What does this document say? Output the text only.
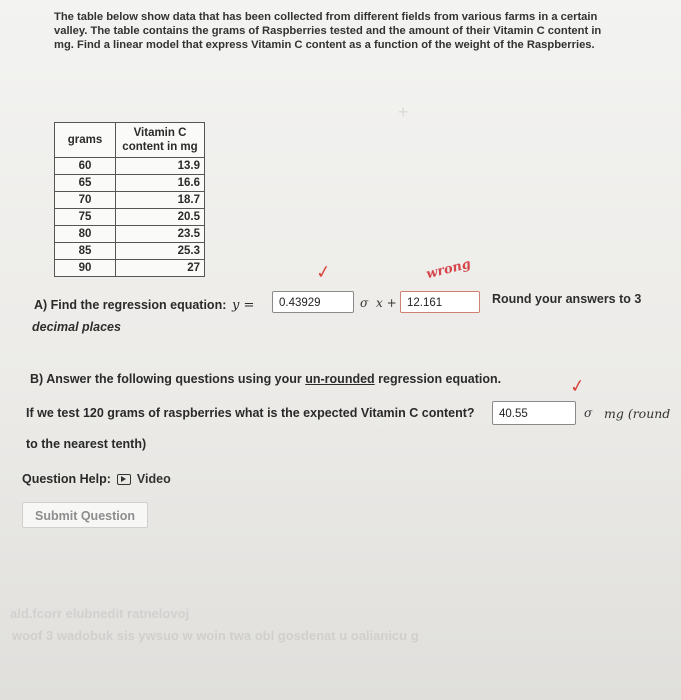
The table below show data that has been collected from different fields from various farms in a certain
valley. The table contains the grams of Raspberries tested and the amount of their Vitamin C content in
mg. Find a linear model that express Vitamin C content as a function of the weight of the Raspberries.
+
grams	Vitamin C content in mg
60	13.9
65	16.6
70	18.7
75	20.5
80	23.5
85	25.3
90	27
A) Find the regression equation: y =
✓
0.43929	σ x +
wrong
12.161	Round your answers to 3
decimal places
B) Answer the following questions using your un-rounded regression equation.
If we test 120 grams of raspberries what is the expected Vitamin C content?
✓
40.55	σ mg (round
to the nearest tenth)
Question Help: Video
Submit Question
ald.fcorr elubnedit ratnelovoj
woof 3 wadobuk sis ywsuo w woin twa obl gosdenat u oalianicu g
